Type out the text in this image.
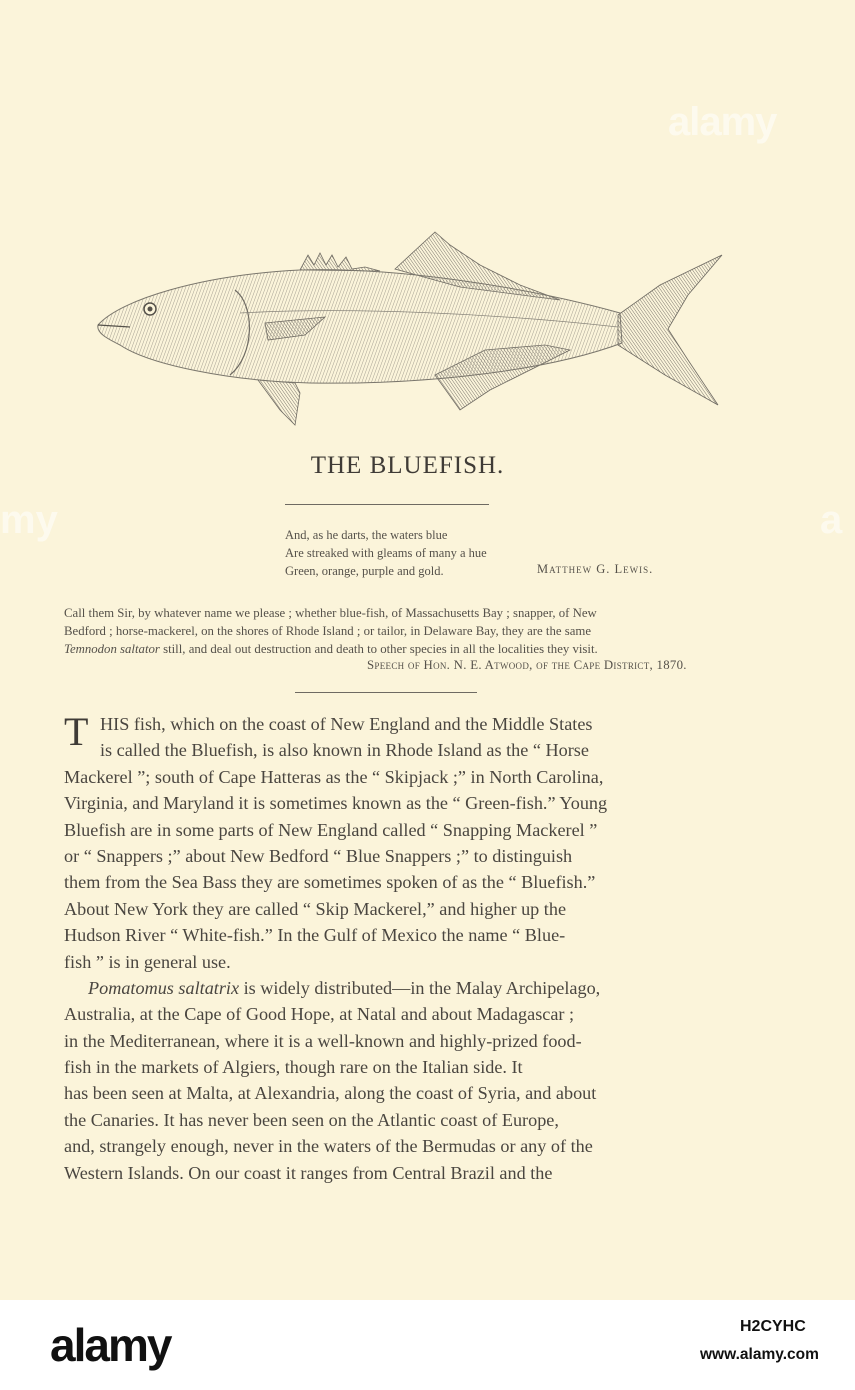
alamy
my	a
THE BLUEFISH.
And, as he darts, the waters blue
Are streaked with gleams of many a hue
Green, orange, purple and gold.	Matthew G. Lewis.
Call them Sir, by whatever name we please ; whether blue-fish, of Massachusetts Bay ; snapper, of New
Bedford ; horse-mackerel, on the shores of Rhode Island ; or tailor, in Delaware Bay, they are the same
Temnodon saltator still, and deal out destruction and death to other species in all the localities they visit.
Speech of Hon. N. E. Atwood, of the Cape District, 1870.
T HIS fish, which on the coast of New England and the Middle States
is called the Bluefish, is also known in Rhode Island as the “ Horse
Mackerel ”; south of Cape Hatteras as the “ Skipjack ;” in North Carolina,
Virginia, and Maryland it is sometimes known as the “ Green-fish.” Young
Bluefish are in some parts of New England called “ Snapping Mackerel ”
or “ Snappers ;” about New Bedford “ Blue Snappers ;” to distinguish
them from the Sea Bass they are sometimes spoken of as the “ Bluefish.”
About New York they are called “ Skip Mackerel,” and higher up the
Hudson River “ White-fish.” In the Gulf of Mexico the name “ Blue-
fish ” is in general use.
Pomatomus saltatrix is widely distributed—in the Malay Archipelago,
Australia, at the Cape of Good Hope, at Natal and about Madagascar ;
in the Mediterranean, where it is a well-known and highly-prized food-
fish in the markets of Algiers, though rare on the Italian side. It
has been seen at Malta, at Alexandria, along the coast of Syria, and about
the Canaries. It has never been seen on the Atlantic coast of Europe,
and, strangely enough, never in the waters of the Bermudas or any of the
Western Islands. On our coast it ranges from Central Brazil and the
alamy	H2CYHC
www.alamy.com
